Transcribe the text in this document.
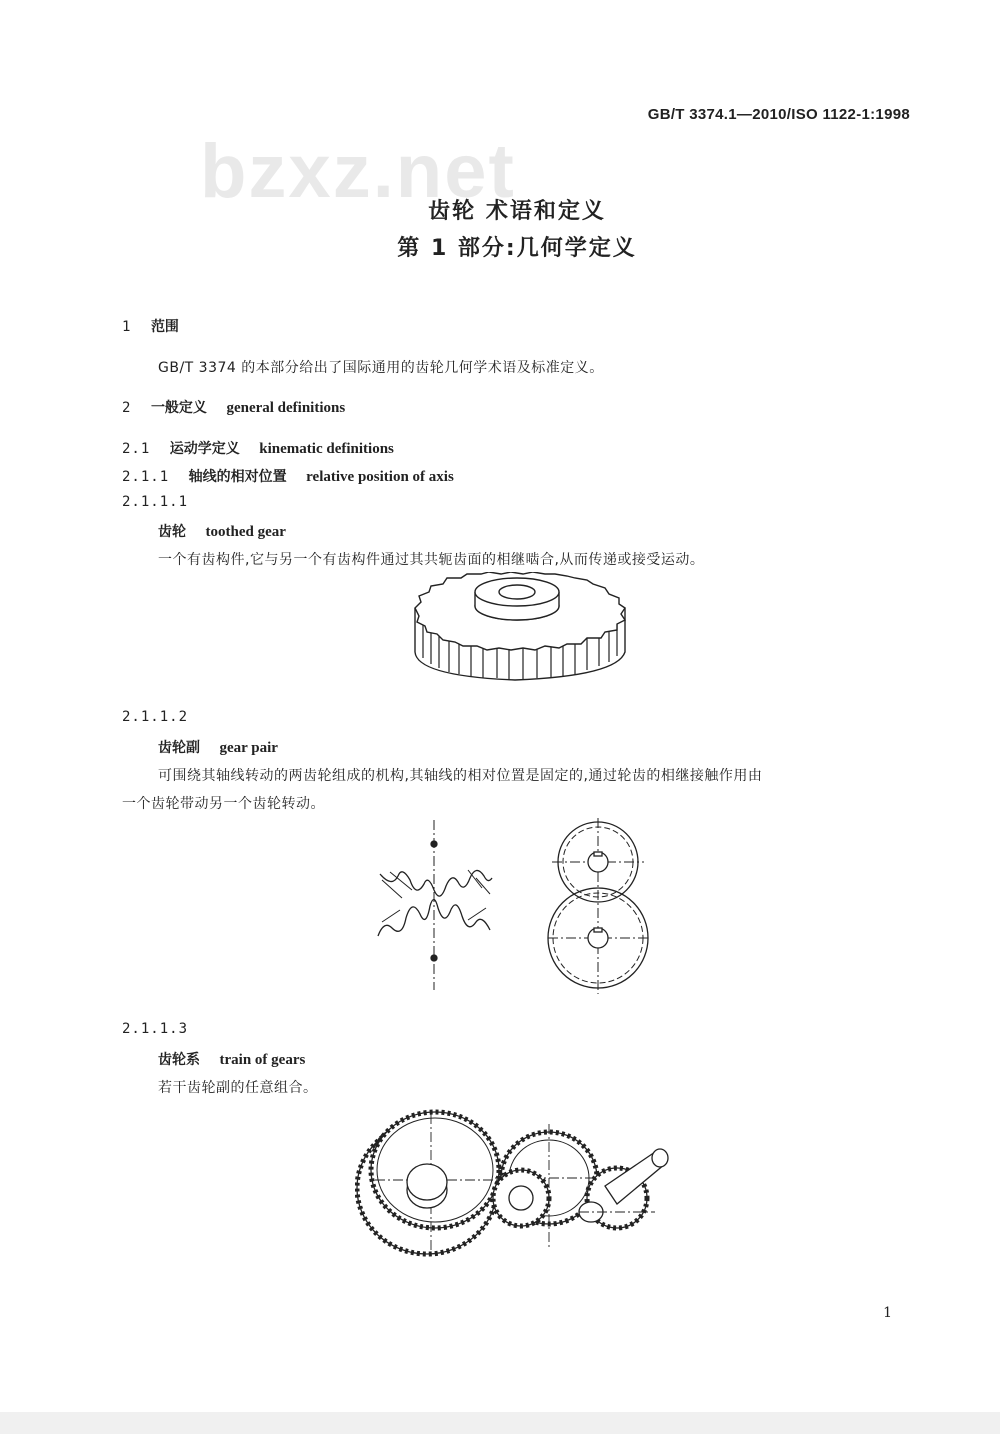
bzxz.net
GB/T 3374.1—2010/ISO 1122-1:1998
齿轮 术语和定义
第 1 部分:几何学定义
1 范围
GB/T 3374 的本部分给出了国际通用的齿轮几何学术语及标准定义。
2 一般定义 general definitions
2.1 运动学定义 kinematic definitions
2.1.1 轴线的相对位置 relative position of axis
2.1.1.1
齿轮 toothed gear
一个有齿构件,它与另一个有齿构件通过其共轭齿面的相继啮合,从而传递或接受运动。
2.1.1.2
齿轮副 gear pair
可围绕其轴线转动的两齿轮组成的机构,其轴线的相对位置是固定的,通过轮齿的相继接触作用由
一个齿轮带动另一个齿轮转动。
2.1.1.3
齿轮系 train of gears
若干齿轮副的任意组合。
1
